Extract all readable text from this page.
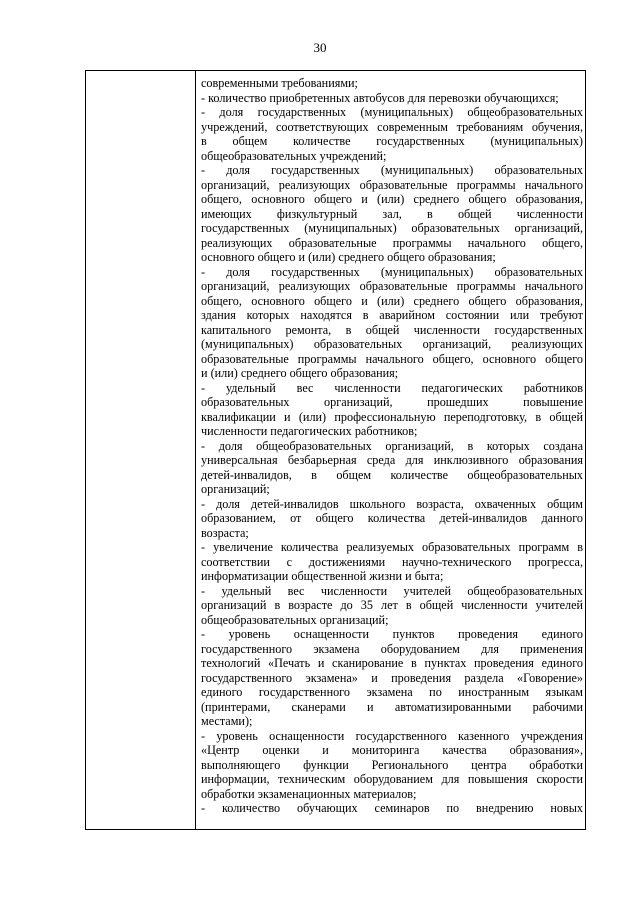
30
современными требованиями;
- количество приобретенных автобусов для перевозки обучающихся;
- доля государственных (муниципальных) общеобразовательных
учреждений, соответствующих современным требованиям обучения,
в общем количестве государственных (муниципальных)
общеобразовательных учреждений;
- доля государственных (муниципальных) образовательных
организаций, реализующих образовательные программы начального
общего, основного общего и (или) среднего общего образования,
имеющих физкультурный зал, в общей численности
государственных (муниципальных) образовательных организаций,
реализующих образовательные программы начального общего,
основного общего и (или) среднего общего образования;
- доля государственных (муниципальных) образовательных
организаций, реализующих образовательные программы начального
общего, основного общего и (или) среднего общего образования,
здания которых находятся в аварийном состоянии или требуют
капитального ремонта, в общей численности государственных
(муниципальных) образовательных организаций, реализующих
образовательные программы начального общего, основного общего
и (или) среднего общего образования;
- удельный вес численности педагогических работников
образовательных организаций, прошедших повышение
квалификации и (или) профессиональную переподготовку, в общей
численности педагогических работников;
- доля общеобразовательных организаций, в которых создана
универсальная безбарьерная среда для инклюзивного образования
детей-инвалидов, в общем количестве общеобразовательных
организаций;
- доля детей-инвалидов школьного возраста, охваченных общим
образованием, от общего количества детей-инвалидов данного
возраста;
- увеличение количества реализуемых образовательных программ в
соответствии с достижениями научно-технического прогресса,
информатизации общественной жизни и быта;
- удельный вес численности учителей общеобразовательных
организаций в возрасте до 35 лет в общей численности учителей
общеобразовательных организаций;
- уровень оснащенности пунктов проведения единого
государственного экзамена оборудованием для применения
технологий «Печать и сканирование в пунктах проведения единого
государственного экзамена» и проведения раздела «Говорение»
единого государственного экзамена по иностранным языкам
(принтерами, сканерами и автоматизированными рабочими
местами);
- уровень оснащенности государственного казенного учреждения
«Центр оценки и мониторинга качества образования»,
выполняющего функции Регионального центра обработки
информации, техническим оборудованием для повышения скорости
обработки экзаменационных материалов;
- количество обучающих семинаров по внедрению новых
